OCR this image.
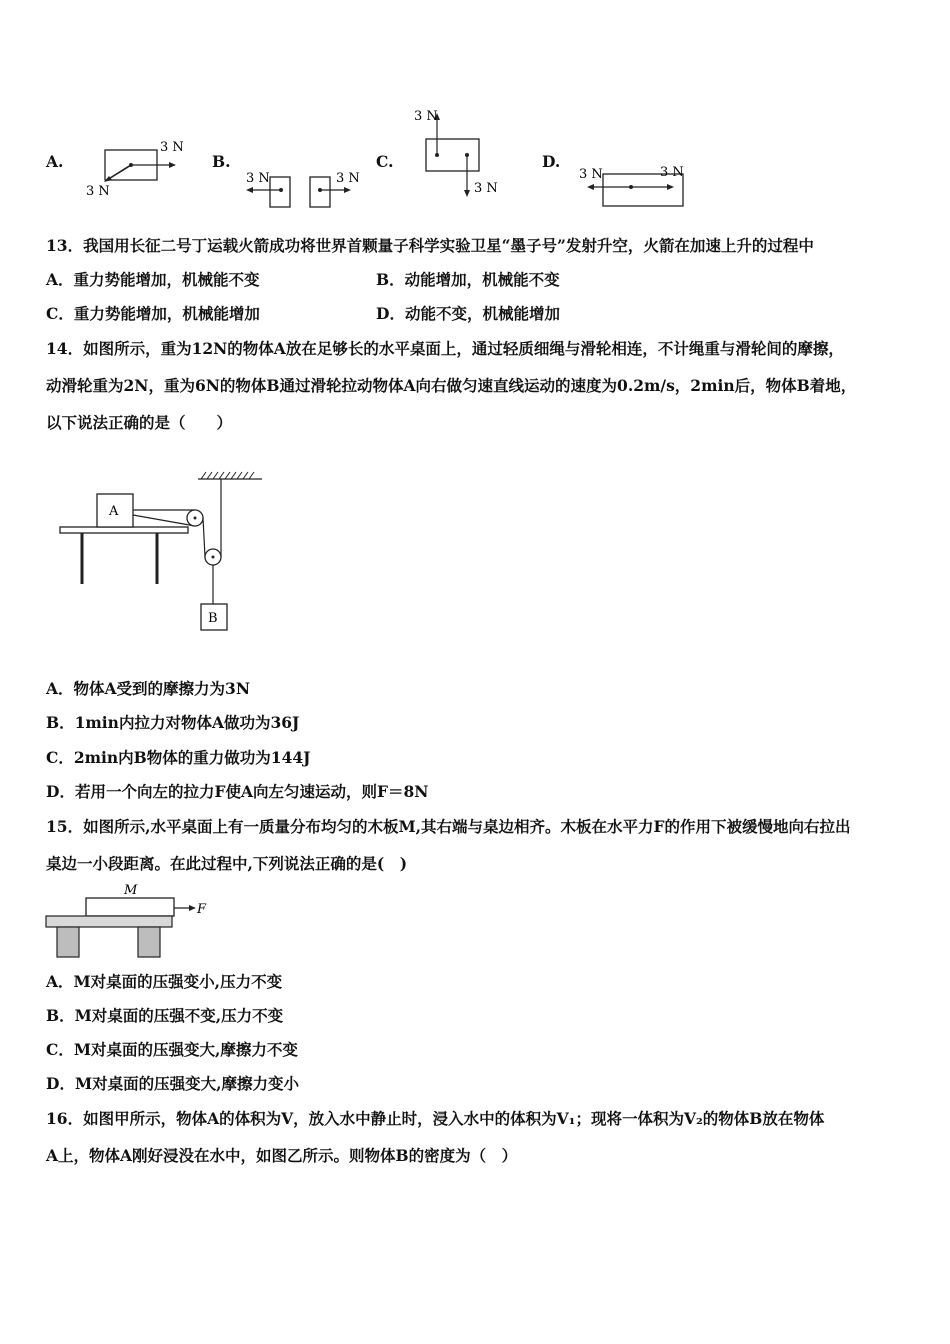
A.
3 N
3 N
B.
3 N	3 N
C.
3 N
3 N
D.
3 N	3 N
13．我国用长征二号丁运载火箭成功将世界首颗量子科学实验卫星“墨子号”发射升空，火箭在加速上升的过程中
A．重力势能增加，机械能不变	B．动能增加，机械能不变
C．重力势能增加，机械能增加	D．动能不变，机械能增加
14．如图所示，重为12N的物体A放在足够长的水平桌面上，通过轻质细绳与滑轮相连，不计绳重与滑轮间的摩擦，
动滑轮重为2N，重为6N的物体B通过滑轮拉动物体A向右做匀速直线运动的速度为0.2m/s，2min后，物体B着地，
以下说法正确的是（　　）
A
B
A．物体A受到的摩擦力为3N
B．1min内拉力对物体A做功为36J
C．2min内B物体的重力做功为144J
D．若用一个向左的拉力F使A向左匀速运动，则F＝8N
15．如图所示,水平桌面上有一质量分布均匀的木板M,其右端与桌边相齐。木板在水平力F的作用下被缓慢地向右拉出
桌边一小段距离。在此过程中,下列说法正确的是(　)
M
F
A．M对桌面的压强变小,压力不变
B．M对桌面的压强不变,压力不变
C．M对桌面的压强变大,摩擦力不变
D．M对桌面的压强变大,摩擦力变小
16．如图甲所示，物体A的体积为V，放入水中静止时，浸入水中的体积为V₁；现将一体积为V₂的物体B放在物体
A上，物体A刚好浸没在水中，如图乙所示。则物体B的密度为（　）
